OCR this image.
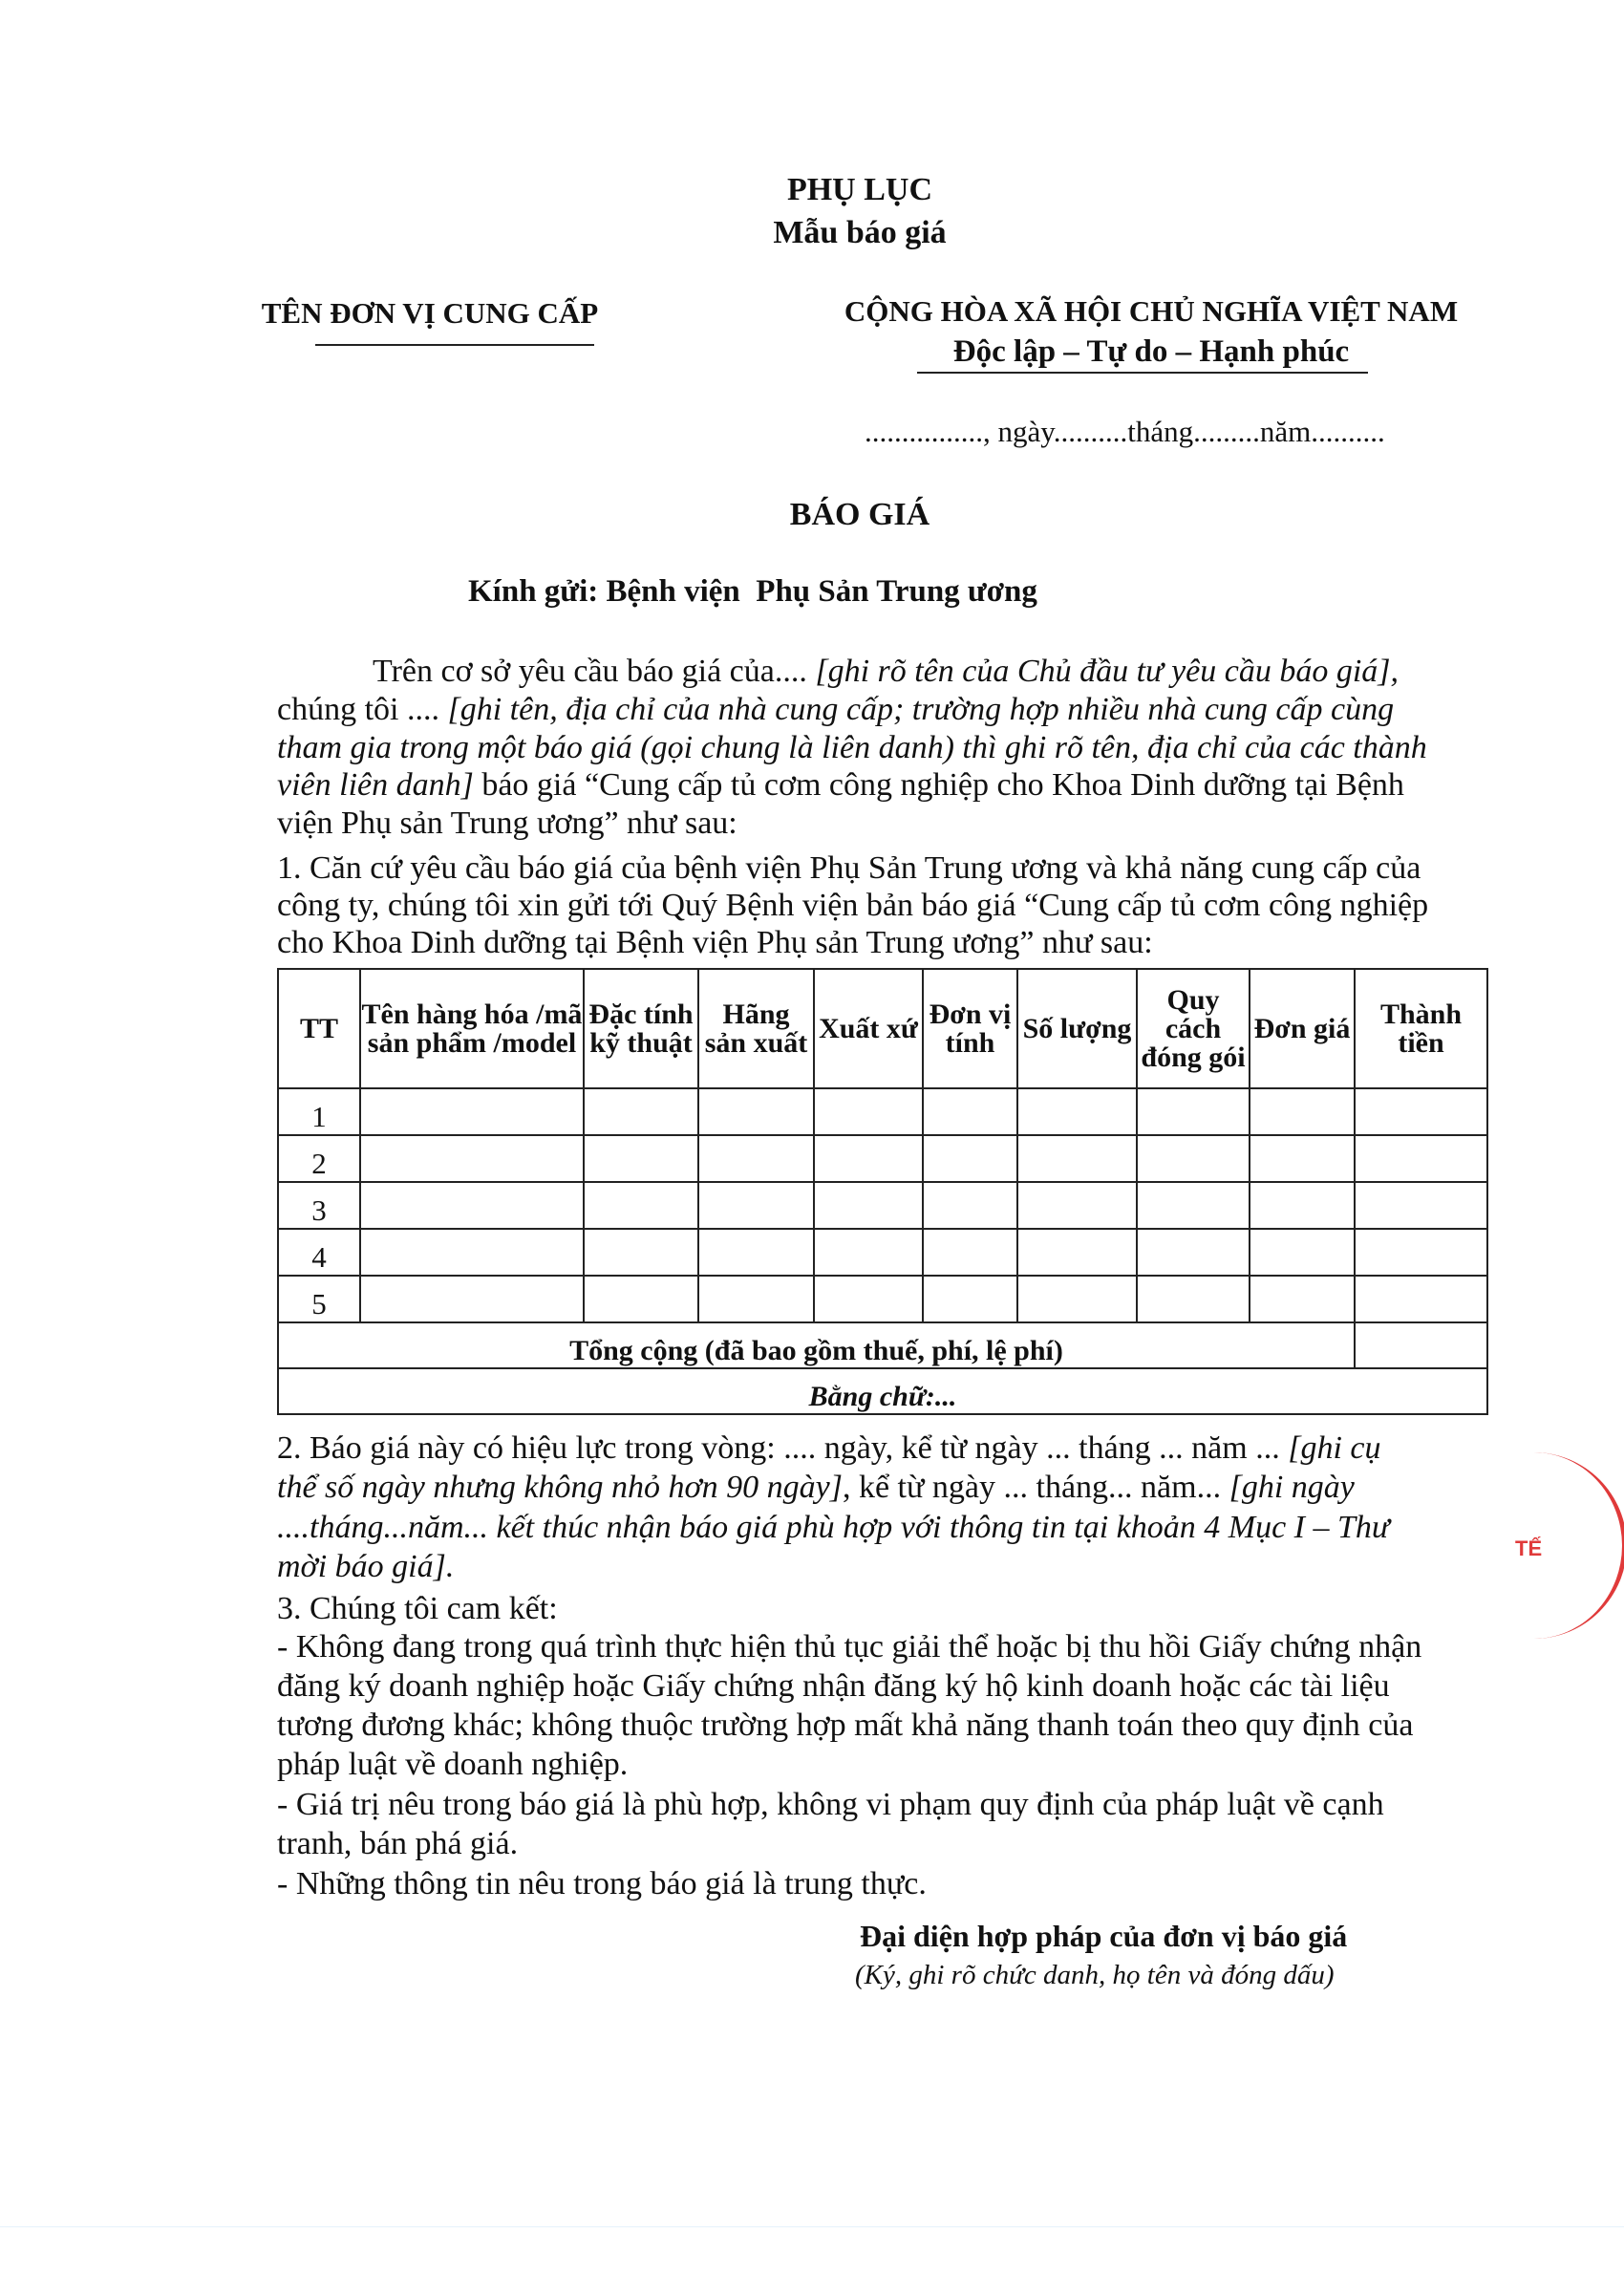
PHỤ LỤC
Mẫu báo giá
TÊN ĐƠN VỊ CUNG CẤP	CỘNG HÒA XÃ HỘI CHỦ NGHĨA VIỆT NAM
Độc lập – Tự do – Hạnh phúc
................, ngày..........tháng.........năm..........
BÁO GIÁ
Kính gửi: Bệnh viện  Phụ Sản Trung ương
Trên cơ sở yêu cầu báo giá của.... [ghi rõ tên của Chủ đầu tư yêu cầu báo giá],
chúng tôi .... [ghi tên, địa chỉ của nhà cung cấp; trường hợp nhiều nhà cung cấp cùng
tham gia trong một báo giá (gọi chung là liên danh) thì ghi rõ tên, địa chỉ của các thành
viên liên danh] báo giá “Cung cấp tủ cơm công nghiệp cho Khoa Dinh dưỡng tại Bệnh
viện Phụ sản Trung ương” như sau:
1. Căn cứ yêu cầu báo giá của bệnh viện Phụ Sản Trung ương và khả năng cung cấp của
công ty, chúng tôi xin gửi tới Quý Bệnh viện bản báo giá “Cung cấp tủ cơm công nghiệp
cho Khoa Dinh dưỡng tại Bệnh viện Phụ sản Trung ương” như sau:
TT	Tên hàng hóa /mã sản phẩm /model	Đặc tính kỹ thuật	Hãng sản xuất	Xuất xứ	Đơn vị tính	Số lượng	Quy cách đóng gói	Đơn giá	Thành tiền
1									
2									
3									
4									
5									
Tổng cộng (đã bao gồm thuế, phí, lệ phí)									
Bằng chữ:...									
2. Báo giá này có hiệu lực trong vòng: .... ngày, kể từ ngày ... tháng ... năm ... [ghi cụ
thể số ngày nhưng không nhỏ hơn 90 ngày], kể từ ngày ... tháng... năm... [ghi ngày
....tháng...năm... kết thúc nhận báo giá phù hợp với thông tin tại khoản 4 Mục I – Thư
mời báo giá].
3. Chúng tôi cam kết:
- Không đang trong quá trình thực hiện thủ tục giải thể hoặc bị thu hồi Giấy chứng nhận
đăng ký doanh nghiệp hoặc Giấy chứng nhận đăng ký hộ kinh doanh hoặc các tài liệu
tương đương khác; không thuộc trường hợp mất khả năng thanh toán theo quy định của
pháp luật về doanh nghiệp.
- Giá trị nêu trong báo giá là phù hợp, không vi phạm quy định của pháp luật về cạnh
tranh, bán phá giá.
- Những thông tin nêu trong báo giá là trung thực.
Đại diện hợp pháp của đơn vị báo giá
(Ký, ghi rõ chức danh, họ tên và đóng dấu)
TẾ
